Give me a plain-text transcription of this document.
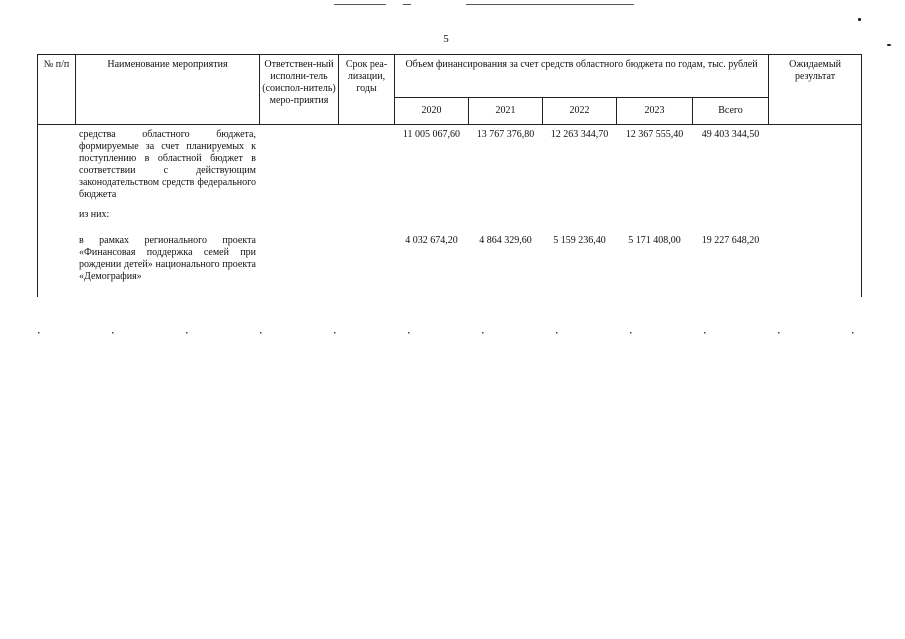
5
№ п/п	Наименование мероприятия	Ответствен-ный исполни-тель (соиспол-нитель) меро-приятия	Срок реа-лизации, годы	Объем финансирования за счет средств областного бюджета по годам, тыс. рублей					Ожидаемый результат
				2020	2021	2022	2023	Всего	
	средства областного бюджета, формируемые за счет планируемых к поступлению в областной бюджет в соответствии с действующим законодательством средств федерального бюджета			11 005 067,60	13 767 376,80	12 263 344,70	12 367 555,40	49 403 344,50	
	из них:								
	в рамках регионального проекта «Финансовая поддержка семей при рождении детей» национального проекта «Демография»			4 032 674,20	4 864 329,60	5 159 236,40	5 171 408,00	19 227 648,20	
